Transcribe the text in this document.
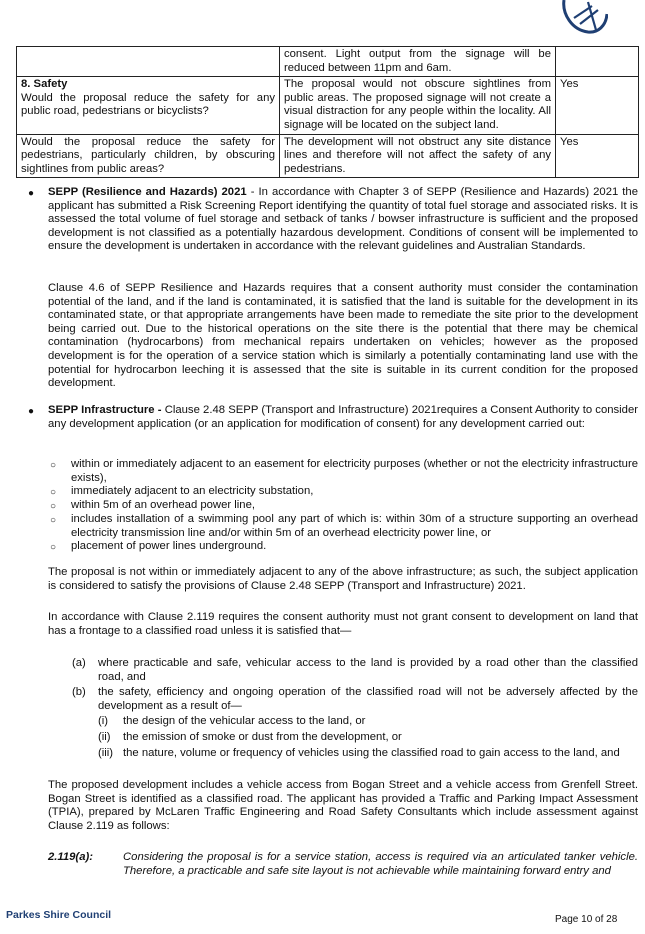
	consent. Light output from the signage will be reduced between 11pm and 6am.	

8. Safety
Would the proposal reduce the safety for any public road, pedestrians or bicyclists?	The proposal would not obscure sightlines from public areas. The proposed signage will not create a visual distraction for any people within the locality. All signage will be located on the subject land.	Yes
Would the proposal reduce the safety for pedestrians, particularly children, by obscuring sightlines from public areas?	The development will not obstruct any site distance lines and therefore will not affect the safety of any pedestrians.	Yes
● SEPP (Resilience and Hazards) 2021 - In accordance with Chapter 3 of SEPP (Resilience and Hazards) 2021 the applicant has submitted a Risk Screening Report identifying the quantity of total fuel storage and associated risks. It is assessed the total volume of fuel storage and setback of tanks / bowser infrastructure is sufficient and the proposed development is not classified as a potentially hazardous development. Conditions of consent will be implemented to ensure the development is undertaken in accordance with the relevant guidelines and Australian Standards.
Clause 4.6 of SEPP Resilience and Hazards requires that a consent authority must consider the contamination potential of the land, and if the land is contaminated, it is satisfied that the land is suitable for the development in its contaminated state, or that appropriate arrangements have been made to remediate the site prior to the development being carried out. Due to the historical operations on the site there is the potential that there may be chemical contamination (hydrocarbons) from mechanical repairs undertaken on vehicles; however as the proposed development is for the operation of a service station which is similarly a potentially contaminating land use with the potential for hydrocarbon leeching it is assessed that the site is suitable in its current condition for the proposed development.
● SEPP Infrastructure - Clause 2.48 SEPP (Transport and Infrastructure) 2021requires a Consent Authority to consider any development application (or an application for modification of consent) for any development carried out:
○ within or immediately adjacent to an easement for electricity purposes (whether or not the electricity infrastructure exists),
○ immediately adjacent to an electricity substation,
○ within 5m of an overhead power line,
○ includes installation of a swimming pool any part of which is: within 30m of a structure supporting an overhead electricity transmission line and/or within 5m of an overhead electricity power line, or
○ placement of power lines underground.
The proposal is not within or immediately adjacent to any of the above infrastructure; as such, the subject application is considered to satisfy the provisions of Clause 2.48 SEPP (Transport and Infrastructure) 2021.
In accordance with Clause 2.119 requires the consent authority must not grant consent to development on land that has a frontage to a classified road unless it is satisfied that—
(a)	where practicable and safe, vehicular access to the land is provided by a road other than the classified road, and
(b)	the safety, efficiency and ongoing operation of the classified road will not be adversely affected by the development as a result of—
(i)	the design of the vehicular access to the land, or
(ii)	the emission of smoke or dust from the development, or
(iii) the nature, volume or frequency of vehicles using the classified road to gain access to the land, and
The proposed development includes a vehicle access from Bogan Street and a vehicle access from Grenfell Street. Bogan Street is identified as a classified road. The applicant has provided a Traffic and Parking Impact Assessment (TPIA), prepared by McLaren Traffic Engineering and Road Safety Consultants which include assessment against Clause 2.119 as follows:
2.119(a):	Considering the proposal is for a service station, access is required via an articulated tanker vehicle. Therefore, a practicable and safe site layout is not achievable while maintaining forward entry and
Parkes Shire Council	Page 10 of 28
